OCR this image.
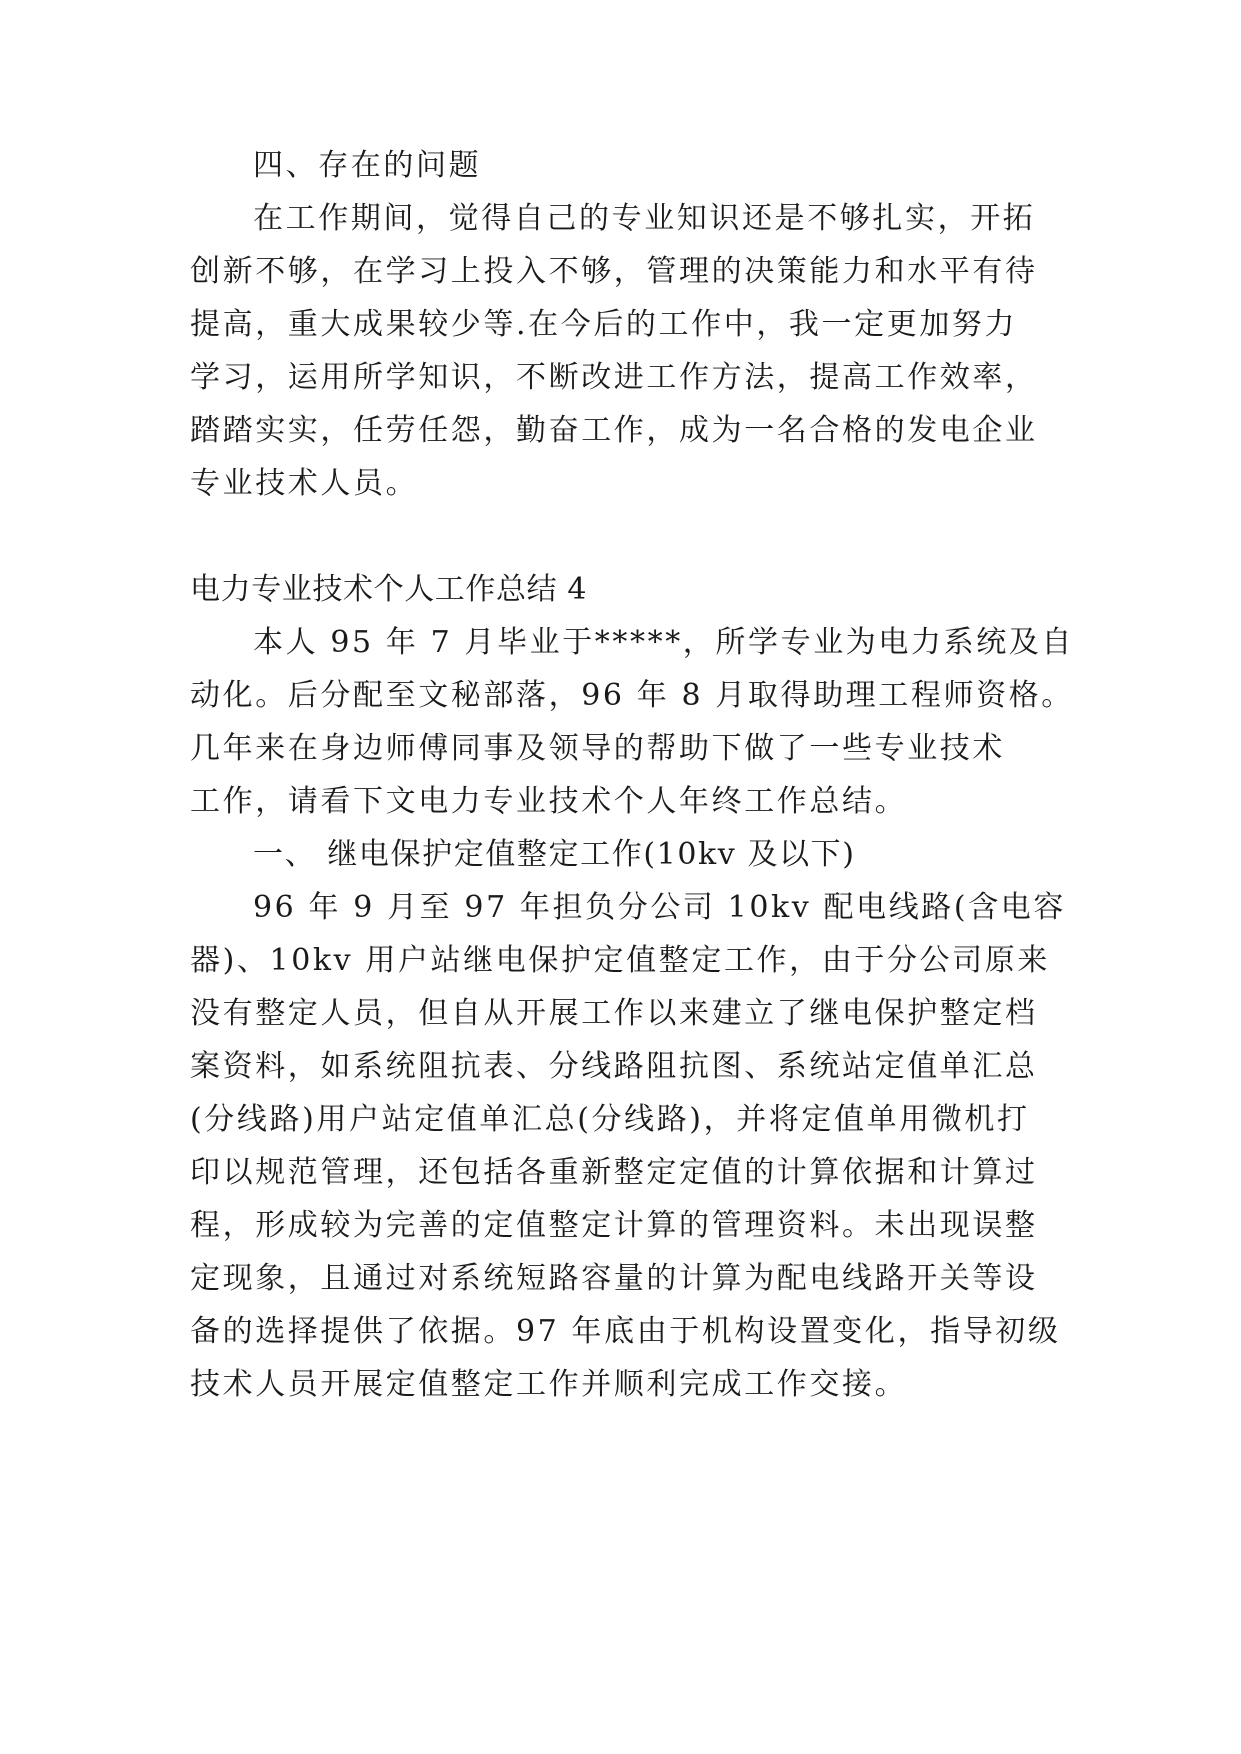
四、存在的问题

在工作期间，觉得自己的专业知识还是不够扎实，开拓

创新不够，在学习上投入不够，管理的决策能力和水平有待

提高，重大成果较少等.在今后的工作中，我一定更加努力

学习，运用所学知识，不断改进工作方法，提高工作效率，

踏踏实实，任劳任怨，勤奋工作，成为一名合格的发电企业

专业技术人员。

电力专业技术个人工作总结 4

本人 95 年 7 月毕业于*****，所学专业为电力系统及自

动化。后分配至文秘部落，96 年 8 月取得助理工程师资格。

几年来在身边师傅同事及领导的帮助下做了一些专业技术

工作，请看下文电力专业技术个人年终工作总结。

一、 继电保护定值整定工作(10kv 及以下)

96 年 9 月至 97 年担负分公司 10kv 配电线路(含电容

器)、10kv 用户站继电保护定值整定工作，由于分公司原来

没有整定人员，但自从开展工作以来建立了继电保护整定档

案资料，如系统阻抗表、分线路阻抗图、系统站定值单汇总

(分线路)用户站定值单汇总(分线路)，并将定值单用微机打

印以规范管理，还包括各重新整定定值的计算依据和计算过

程，形成较为完善的定值整定计算的管理资料。未出现误整

定现象，且通过对系统短路容量的计算为配电线路开关等设

备的选择提供了依据。97 年底由于机构设置变化，指导初级

技术人员开展定值整定工作并顺利完成工作交接。
